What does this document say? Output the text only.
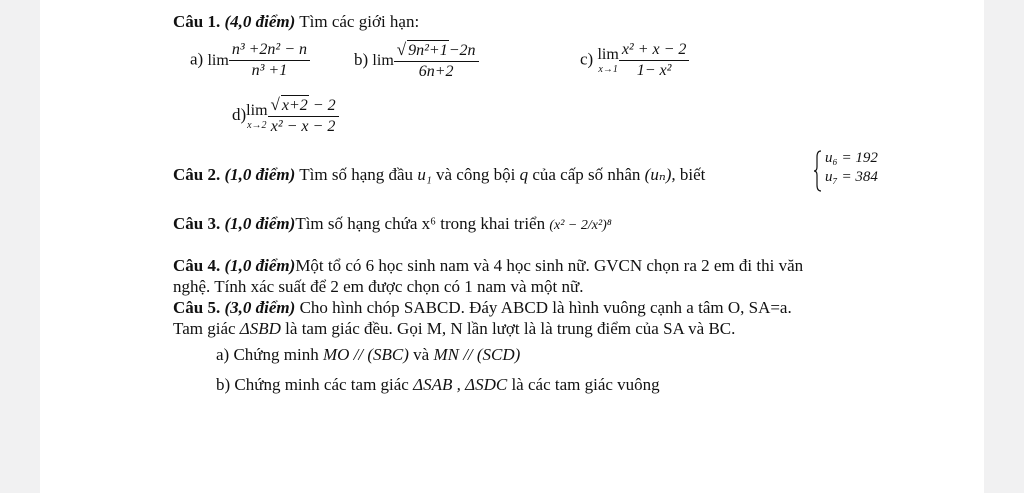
Câu 1. (4,0 điểm) Tìm các giới hạn:
a) $\lim \frac{\text{n³ +2n² − n}}{\text{n³ +1}}$	b) $\lim \frac{\text{√ 9n²+1−2n}}{6n+2}$	c) lim
$x\to 1 \frac{\text{x² + x − 2}}{\text{1− x²}}$
d)lim
$x\to 2 \frac{√ x+2 - 2}{\text{x² − x − 2}}$
Câu 2. (1,0 điểm) Tìm số hạng đầu u₁ và công bội q của cấp số nhân (uₙ), biết
u₆ = 192
u₇ = 384
Câu 3. (1,0 điểm)Tìm số hạng chứa x⁶ trong khai triển (x² − 2/x²)⁸
Câu 4. (1,0 điểm)Một tổ có 6 học sinh nam và 4 học sinh nữ. GVCN chọn ra 2 em đi thi văn
nghệ. Tính xác suất để 2 em được chọn có 1 nam và một nữ.
Câu 5. (3,0 điểm) Cho hình chóp SABCD. Đáy ABCD là hình vuông cạnh a tâm O, SA=a.
Tam giác ΔSBD là tam giác đều. Gọi M, N lần lượt là là trung điểm của SA và BC.
a) Chứng minh MO // (SBC) và MN // (SCD)
b) Chứng minh các tam giác ΔSAB , ΔSDC là các tam giác vuông
